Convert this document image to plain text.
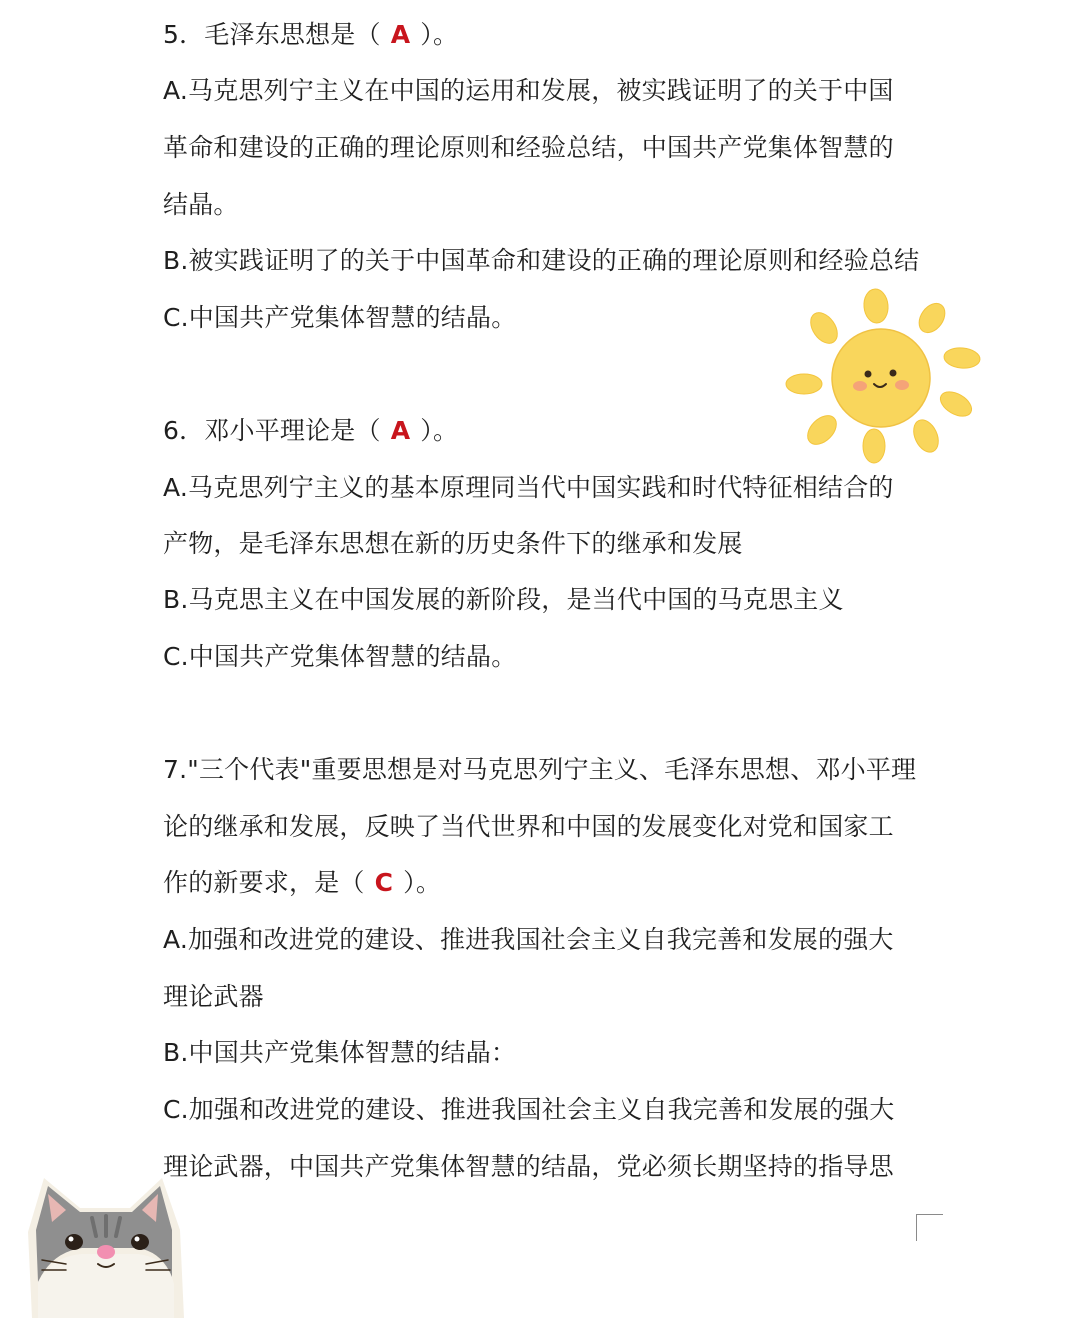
5．毛泽东思想是（ A ）。
A.马克思列宁主义在中国的运用和发展，被实践证明了的关于中国
革命和建设的正确的理论原则和经验总结，中国共产党集体智慧的
结晶。
B.被实践证明了的关于中国革命和建设的正确的理论原则和经验总结
C.中国共产党集体智慧的结晶。
6．邓小平理论是（ A ）。
A.马克思列宁主义的基本原理同当代中国实践和时代特征相结合的
产物，是毛泽东思想在新的历史条件下的继承和发展
B.马克思主义在中国发展的新阶段，是当代中国的马克思主义
C.中国共产党集体智慧的结晶。
7."三个代表"重要思想是对马克思列宁主义、毛泽东思想、邓小平理
论的继承和发展，反映了当代世界和中国的发展变化对党和国家工
作的新要求，是（ C ）。
A.加强和改进党的建设、推进我国社会主义自我完善和发展的强大
理论武器
B.中国共产党集体智慧的结晶：
C.加强和改进党的建设、推进我国社会主义自我完善和发展的强大
理论武器，中国共产党集体智慧的结晶，党必须长期坚持的指导思
